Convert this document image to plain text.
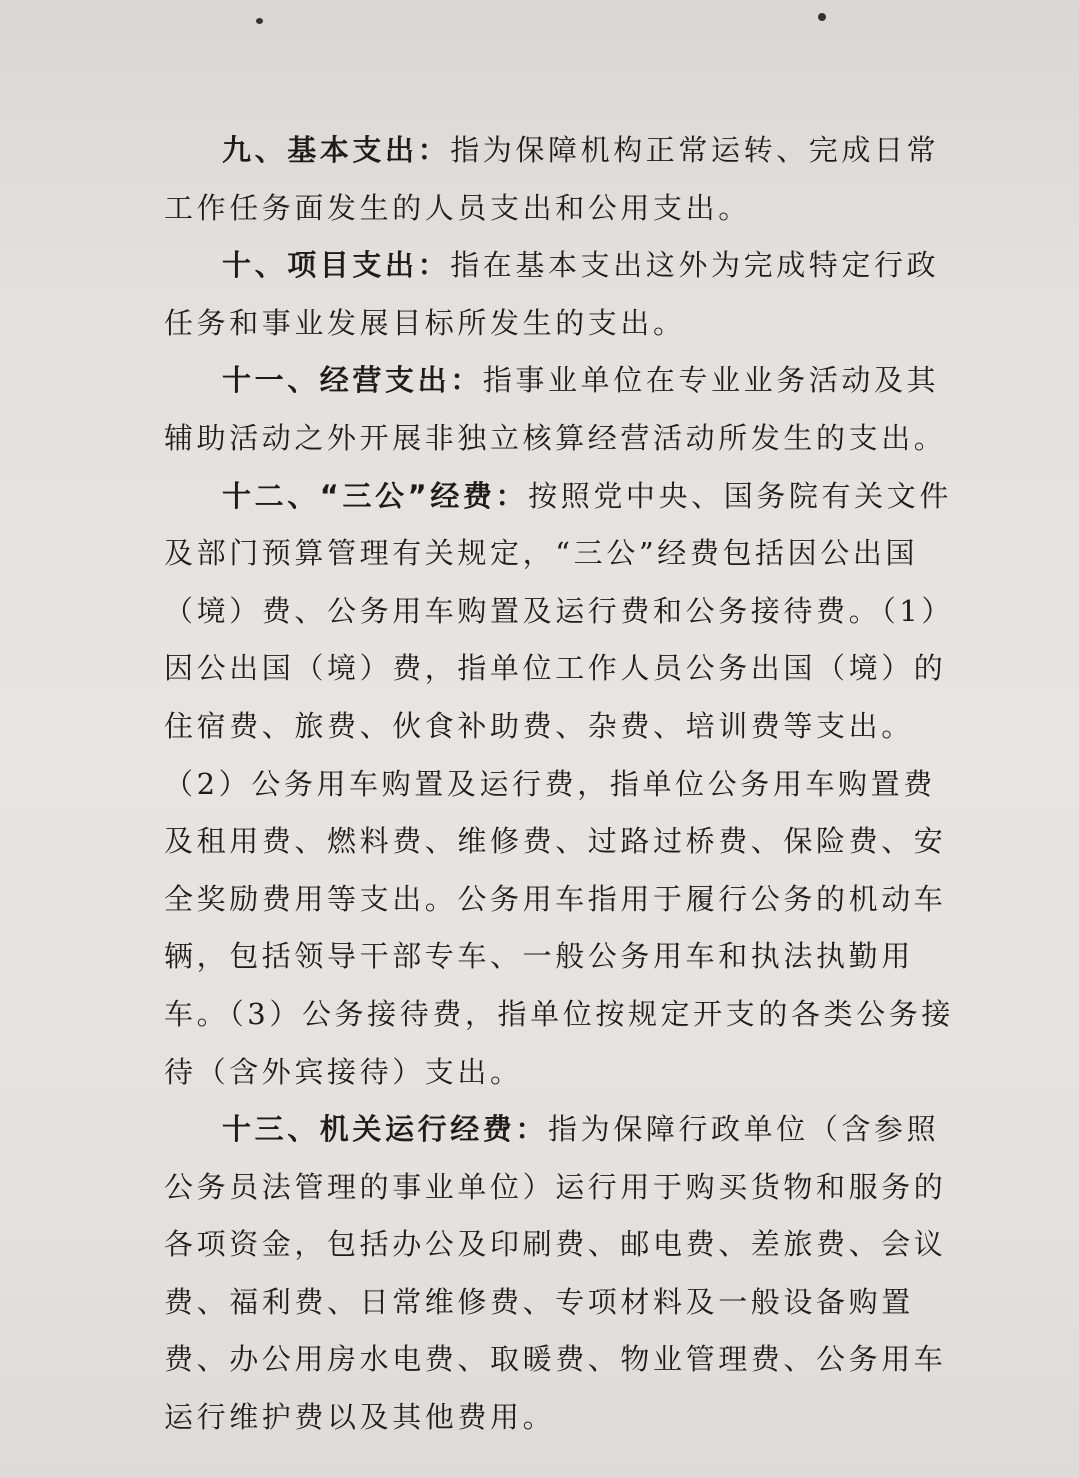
九、基本支出：指为保障机构正常运转、完成日常工作任务面发生的人员支出和公用支出。

十、项目支出：指在基本支出这外为完成特定行政任务和事业发展目标所发生的支出。

十一、经营支出：指事业单位在专业业务活动及其辅助活动之外开展非独立核算经营活动所发生的支出。

十二、“三公”经费：按照党中央、国务院有关文件及部门预算管理有关规定，“三公”经费包括因公出国（境）费、公务用车购置及运行费和公务接待费。（1）因公出国（境）费，指单位工作人员公务出国（境）的住宿费、旅费、伙食补助费、杂费、培训费等支出。（2）公务用车购置及运行费，指单位公务用车购置费及租用费、燃料费、维修费、过路过桥费、保险费、安全奖励费用等支出。公务用车指用于履行公务的机动车辆，包括领导干部专车、一般公务用车和执法执勤用车。（3）公务接待费，指单位按规定开支的各类公务接待（含外宾接待）支出。

十三、机关运行经费：指为保障行政单位（含参照公务员法管理的事业单位）运行用于购买货物和服务的各项资金，包括办公及印刷费、邮电费、差旅费、会议费、福利费、日常维修费、专项材料及一般设备购置费、办公用房水电费、取暖费、物业管理费、公务用车运行维护费以及其他费用。
